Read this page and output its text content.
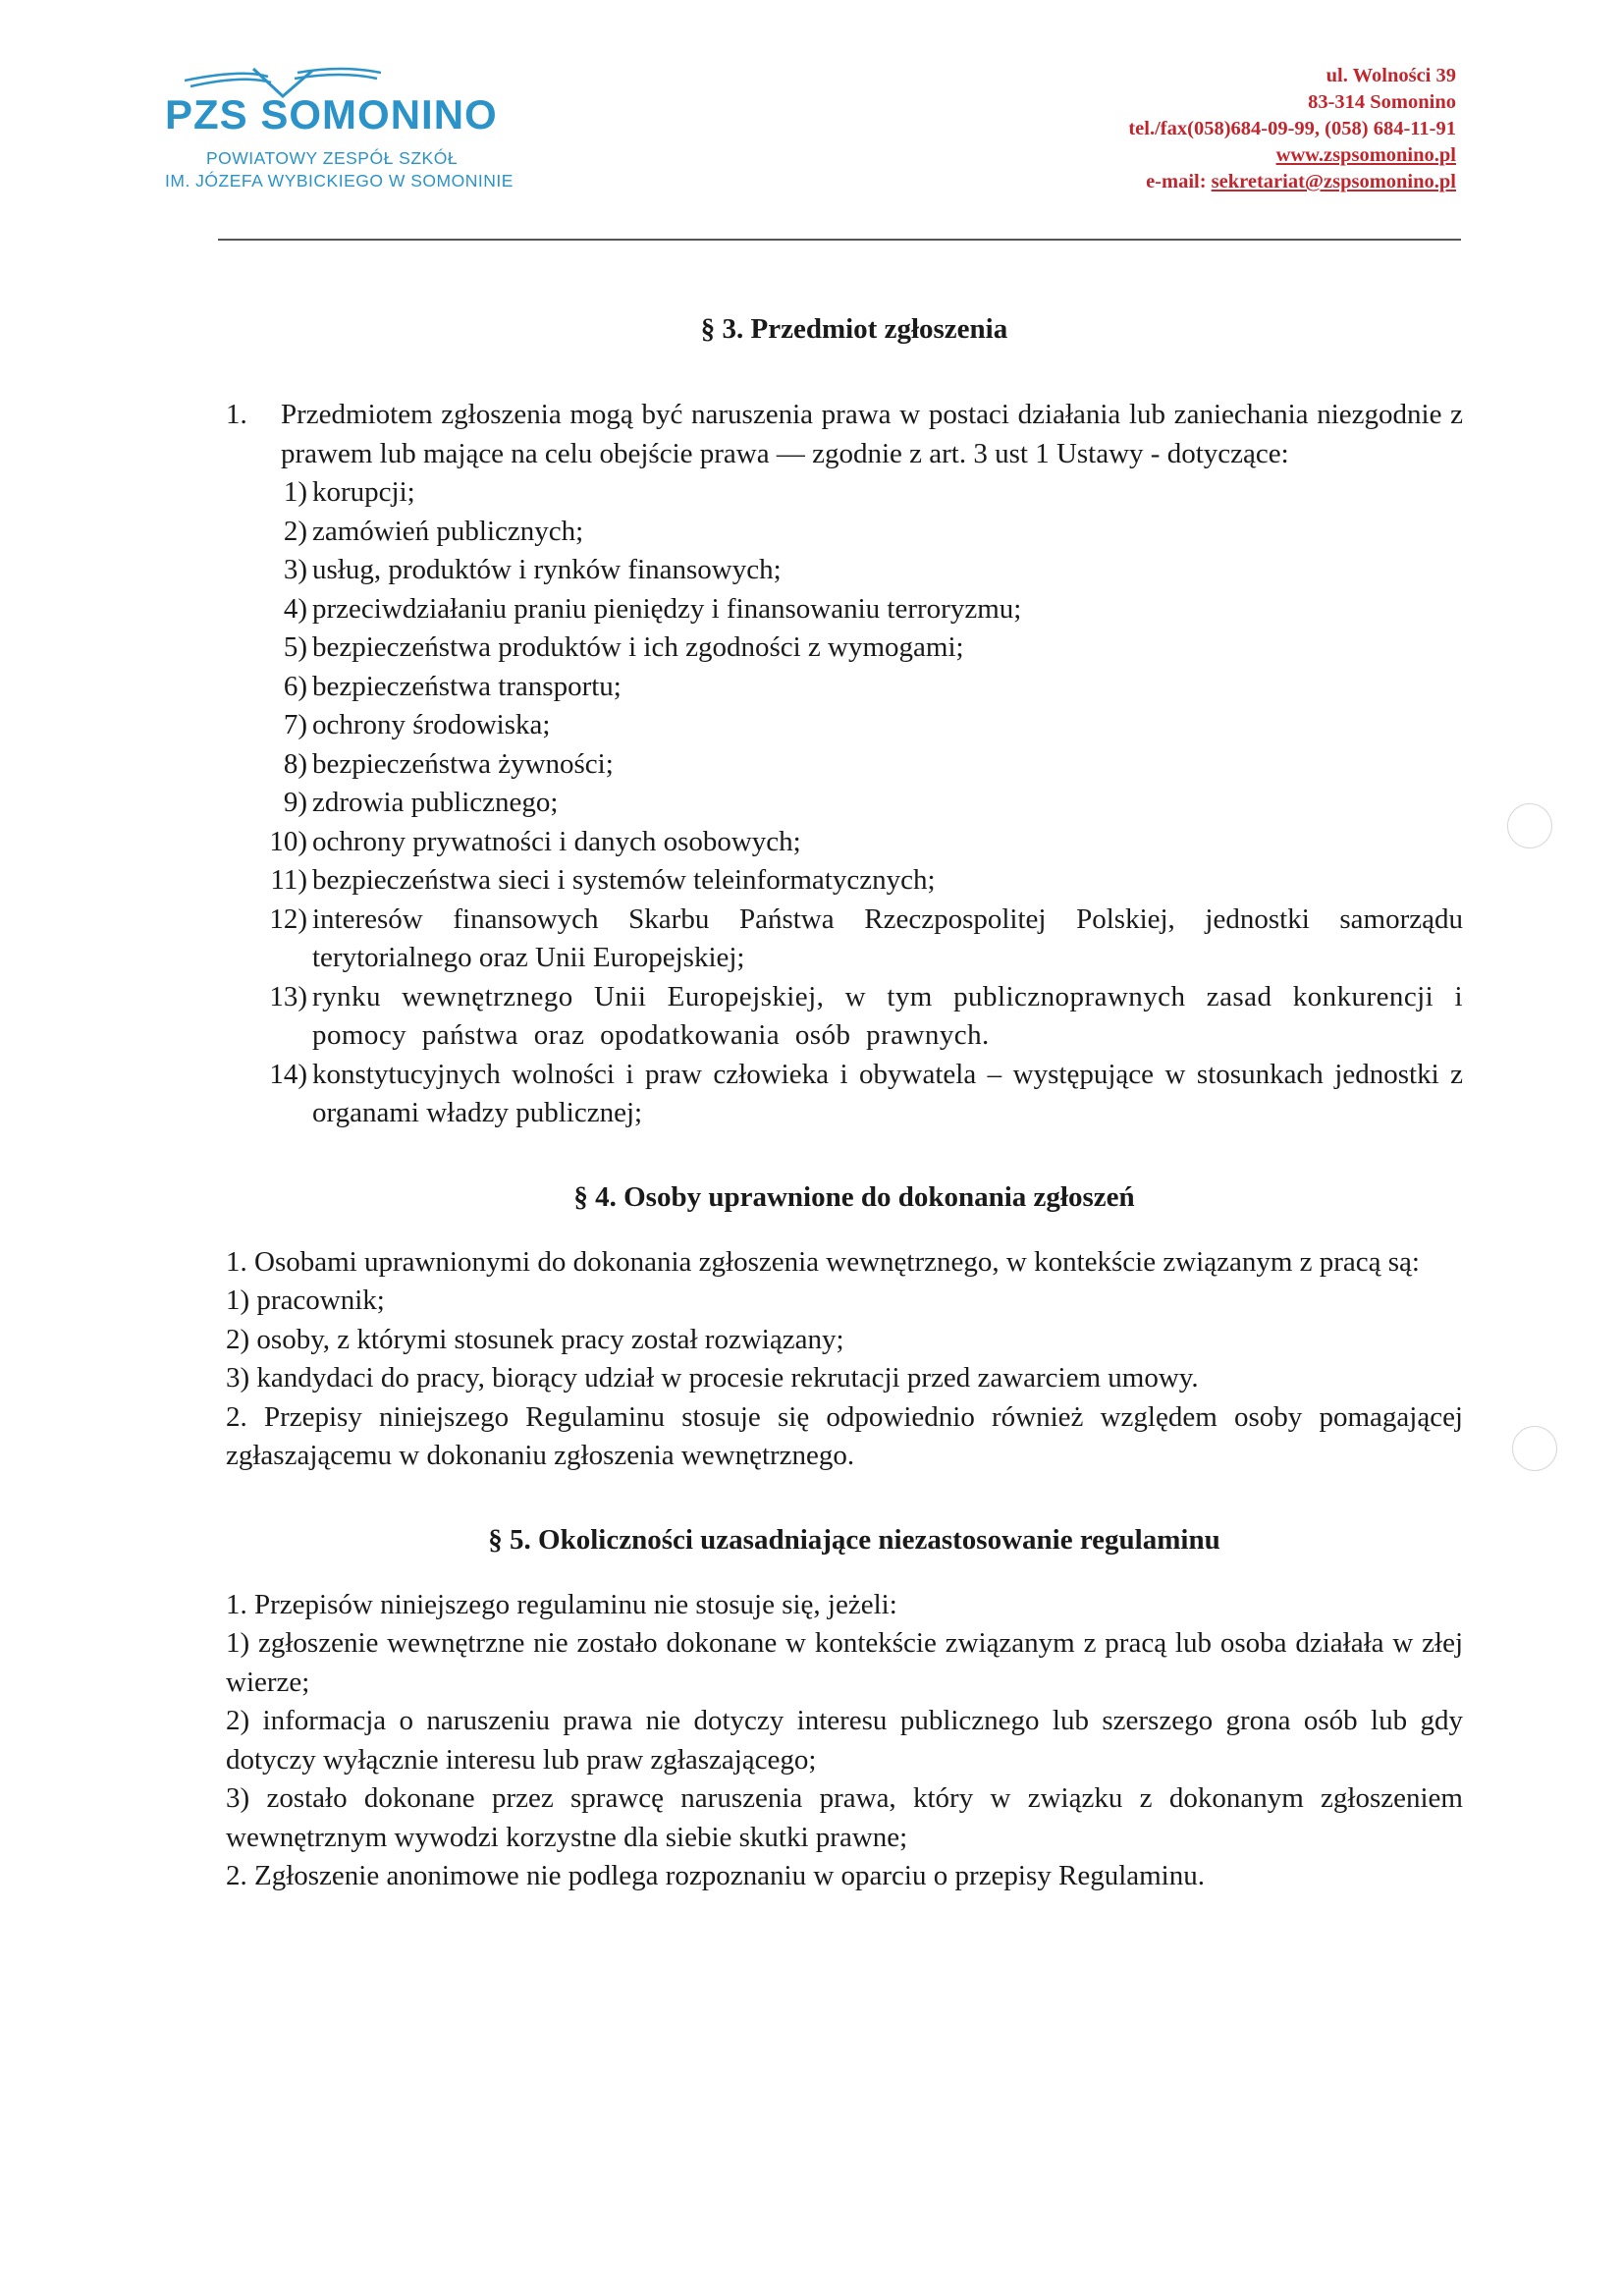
PZS SOMONINO
POWIATOWY ZESPÓŁ SZKÓŁ
IM. JÓZEFA WYBICKIEGO W SOMONINIE
ul. Wolności 39
83-314 Somonino
tel./fax(058)684-09-99, (058) 684-11-91
www.zspsomonino.pl
e-mail: sekretariat@zspsomonino.pl
§ 3. Przedmiot zgłoszenia
1.	Przedmiotem zgłoszenia mogą być naruszenia prawa w postaci działania lub zaniechania niezgodnie z prawem lub mające na celu obejście prawa — zgodnie z art. 3 ust 1 Ustawy - dotyczące:
1) korupcji;
2) zamówień publicznych;
3) usług, produktów i rynków finansowych;
4) przeciwdziałaniu praniu pieniędzy i finansowaniu terroryzmu;
5) bezpieczeństwa produktów i ich zgodności z wymogami;
6) bezpieczeństwa transportu;
7) ochrony środowiska;
8) bezpieczeństwa żywności;
9) zdrowia publicznego;
10) ochrony prywatności i danych osobowych;
11) bezpieczeństwa sieci i systemów teleinformatycznych;
12) interesów finansowych Skarbu Państwa Rzeczpospolitej Polskiej, jednostki samorządu terytorialnego oraz Unii Europejskiej;
13) rynku wewnętrznego Unii Europejskiej, w tym publicznoprawnych zasad konkurencji i pomocy państwa oraz opodatkowania osób prawnych.
14) konstytucyjnych wolności i praw człowieka i obywatela – występujące w stosunkach jednostki z organami władzy publicznej;
§ 4. Osoby uprawnione do dokonania zgłoszeń

1. Osobami uprawnionymi do dokonania zgłoszenia wewnętrznego, w kontekście związanym z pracą są:

1) pracownik;

2) osoby, z którymi stosunek pracy został rozwiązany;

3) kandydaci do pracy, biorący udział w procesie rekrutacji przed zawarciem umowy.

2. Przepisy niniejszego Regulaminu stosuje się odpowiednio również względem osoby pomagającej zgłaszającemu w dokonaniu zgłoszenia wewnętrznego.

§ 5. Okoliczności uzasadniające niezastosowanie regulaminu

1. Przepisów niniejszego regulaminu nie stosuje się, jeżeli:

1) zgłoszenie wewnętrzne nie zostało dokonane w kontekście związanym z pracą lub osoba działała w złej wierze;

2) informacja o naruszeniu prawa nie dotyczy interesu publicznego lub szerszego grona osób lub gdy dotyczy wyłącznie interesu lub praw zgłaszającego;

3) zostało dokonane przez sprawcę naruszenia prawa, który w związku z dokonanym zgłoszeniem wewnętrznym wywodzi korzystne dla siebie skutki prawne;

2. Zgłoszenie anonimowe nie podlega rozpoznaniu w oparciu o przepisy Regulaminu.
